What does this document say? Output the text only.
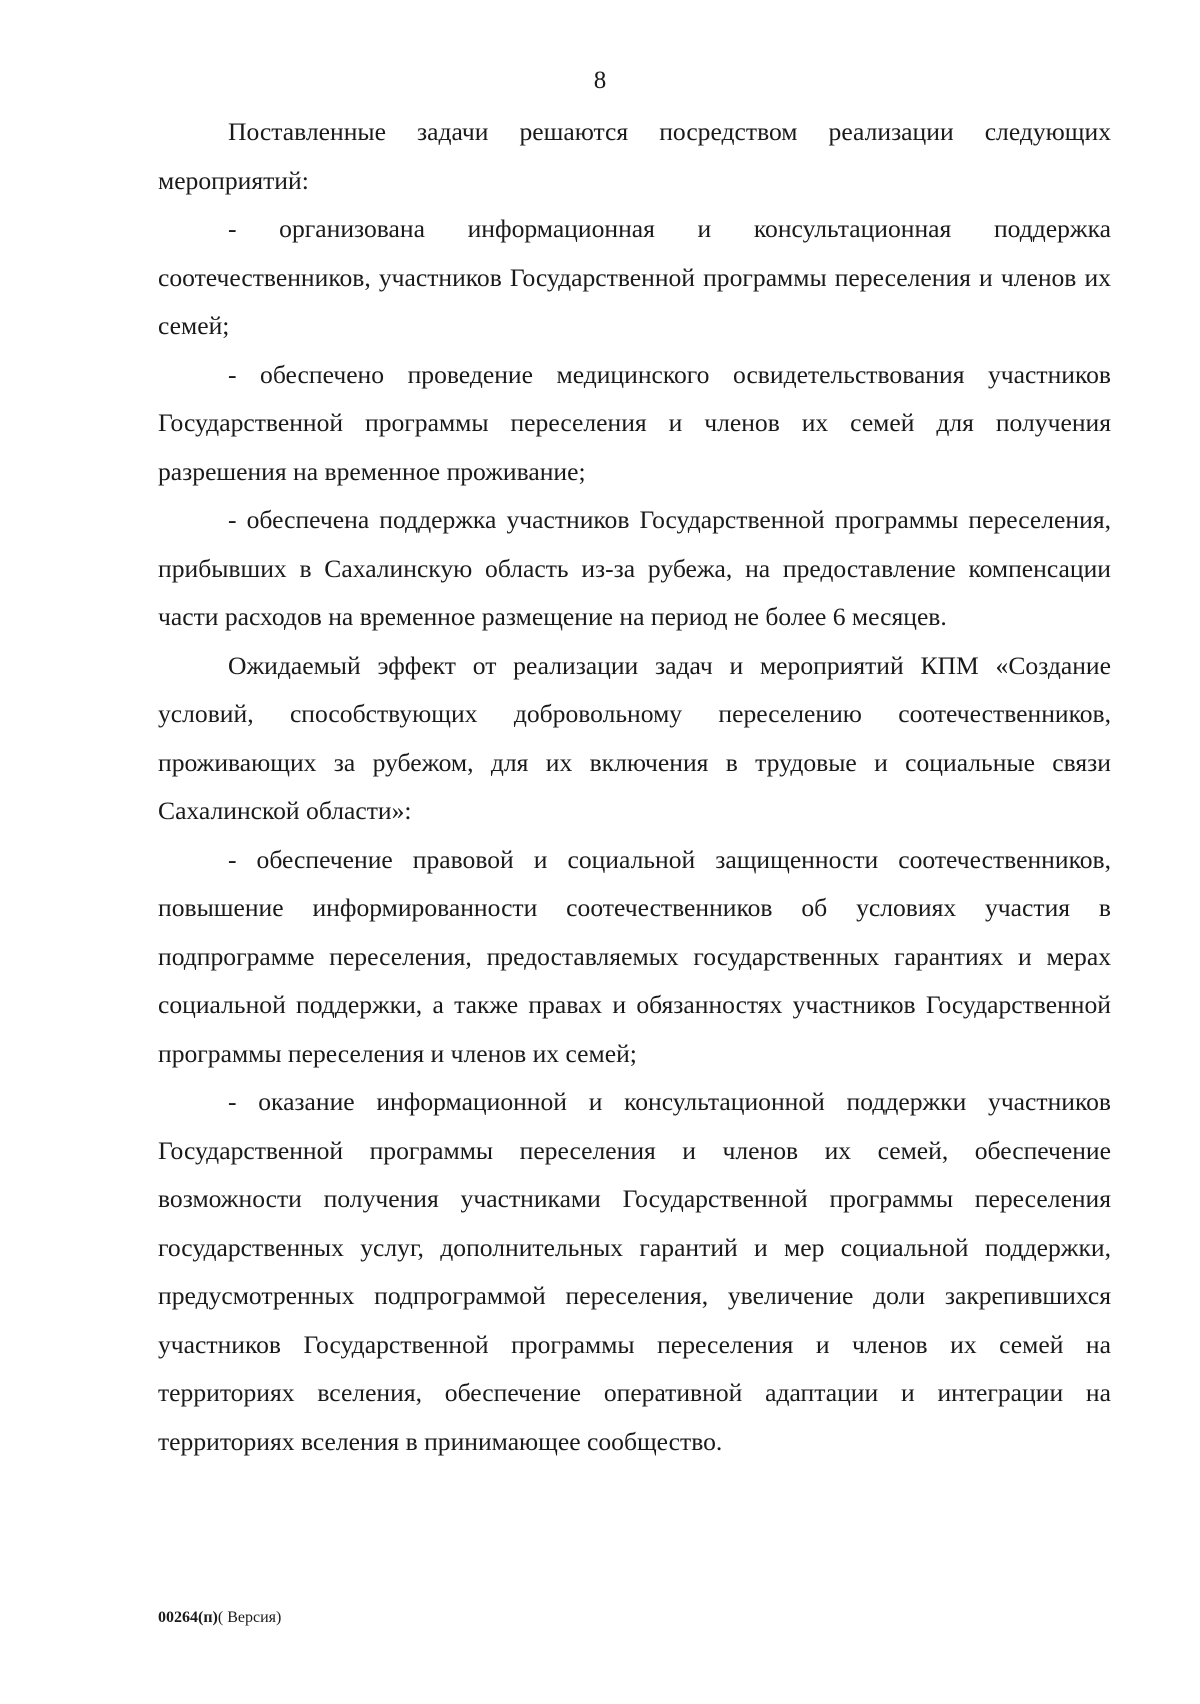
8

Поставленные задачи решаются посредством реализации следующих мероприятий:

- организована информационная и консультационная поддержка соотечественников, участников Государственной программы переселения и членов их семей;

- обеспечено проведение медицинского освидетельствования участников Государственной программы переселения и членов их семей для получения разрешения на временное проживание;

- обеспечена поддержка участников Государственной программы переселения, прибывших в Сахалинскую область из-за рубежа, на предоставление компенсации части расходов на временное размещение на период не более 6 месяцев.

Ожидаемый эффект от реализации задач и мероприятий КПМ «Создание условий, способствующих добровольному переселению соотечественников, проживающих за рубежом, для их включения в трудовые и социальные связи Сахалинской области»:

- обеспечение правовой и социальной защищенности соотечественников, повышение информированности соотечественников об условиях участия в подпрограмме переселения, предоставляемых государственных гарантиях и мерах социальной поддержки, а также правах и обязанностях участников Государственной программы переселения и членов их семей;

- оказание информационной и консультационной поддержки участников Государственной программы переселения и членов их семей, обеспечение возможности получения участниками Государственной программы переселения государственных услуг, дополнительных гарантий и мер социальной поддержки, предусмотренных подпрограммой переселения, увеличение доли закрепившихся участников Государственной программы переселения и членов их семей на территориях вселения, обеспечение оперативной адаптации и интеграции на территориях вселения в принимающее сообщество.

00264(п)( Версия)
